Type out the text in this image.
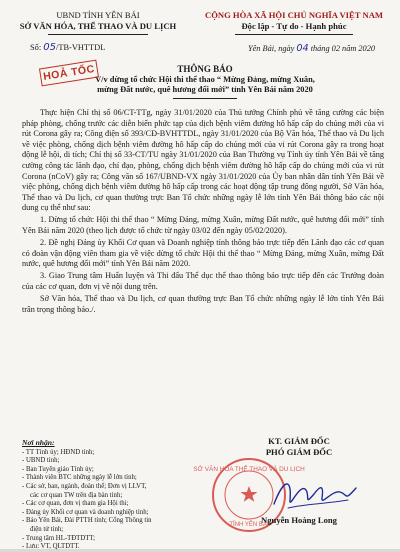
UBND TỈNH YÊN BÁI
SỞ VĂN HÓA, THỂ THAO VÀ DU LỊCH
CỘNG HÒA XÃ HỘI CHỦ NGHĨA VIỆT NAM
Độc lập - Tự do - Hạnh phúc
Số: 05/TB-VHTTDL	Yên Bái, ngày 04 tháng 02 năm 2020
THÔNG BÁO
V/v dừng tổ chức Hội thi thể thao “ Mừng Đảng, mừng Xuân,
mừng Đất nước, quê hương đổi mới” tỉnh Yên Bái năm 2020
HOẢ TỐC

Thực hiện Chỉ thị số 06/CT-TTg, ngày 31/01/2020 của Thủ tướng Chính phủ về tăng cường các biện pháp phòng, chống trước các diễn biến phức tạp của dịch bệnh viêm đường hô hấp cấp do chủng mới của vi rút Corona gây ra; Công điện số 393/CĐ-BVHTTDL, ngày 31/01/2020 của Bộ Văn hóa, Thể thao và Du lịch về việc phòng, chống dịch bệnh viêm đường hô hấp cấp do chủng mới của vi rút Corona gây ra trong hoạt động lễ hội, di tích; Chỉ thị số 33-CT/TU ngày 31/01/2020 của Ban Thường vụ Tỉnh ủy tỉnh Yên Bái về tăng cường công tác lãnh đạo, chỉ đạo, phòng, chống dịch bệnh viêm đường hô hấp cấp do chủng mới của vi rút Corona (nCoV) gây ra; Công văn số 167/UBND-VX ngày 31/01/2020 của Ủy ban nhân dân tỉnh Yên Bái về việc phòng, chống dịch bệnh viêm đường hô hấp cấp trong các hoạt động tập trung đông người, Sở Văn hóa, Thể thao và Du lịch, cơ quan thường trực Ban Tổ chức những ngày lễ lớn tỉnh Yên Bái thông báo các nội dung cụ thể như sau:

1. Dừng tổ chức Hội thi thể thao “ Mừng Đảng, mừng Xuân, mừng Đất nước, quê hương đổi mới” tỉnh Yên Bái năm 2020 (theo lịch được tổ chức từ ngày 03/02 đến ngày 05/02/2020).

2. Đề nghị Đảng ủy Khối Cơ quan và Doanh nghiệp tỉnh thông báo trực tiếp đến Lãnh đạo các cơ quan có đoàn vận động viên tham gia về việc dừng tổ chức Hội thi thể thao “ Mừng Đảng, mừng Xuân, mừng Đất nước, quê hương đổi mới” tỉnh Yên Bái năm 2020.

3. Giao Trung tâm Huấn luyện và Thi đấu Thể dục thể thao thông báo trực tiếp đến các Trưởng đoàn của các cơ quan, đơn vị về nội dung trên.

Sở Văn hóa, Thể thao và Du lịch, cơ quan thường trực Ban Tổ chức những ngày lễ lớn tỉnh Yên Bái trân trọng thông báo./.

Nơi nhận:
- TT Tỉnh ủy; HĐND tỉnh;
- UBND tỉnh;
- Ban Tuyên giáo Tỉnh ủy;
- Thành viên BTC những ngày lễ lớn tỉnh;
- Các sở, ban, ngành, đoàn thể; Đơn vị LLVT,
các cơ quan TW trên địa bàn tỉnh;
- Các cơ quan, đơn vị tham gia Hội thi;
- Đảng ủy Khối cơ quan và doanh nghiệp tỉnh;
- Báo Yên Bái, Đài PTTH tỉnh; Cổng Thông tin
điện tử tỉnh;
- Trung tâm HL-TĐTDTT;
- Lưu: VT, QLTDTT.
SỞ VĂN HÓA THỂ THAO VÀ DU LỊCH
TỈNH YÊN BÁI
KT. GIÁM ĐỐC
PHÓ GIÁM ĐỐC
Nguyễn Hoàng Long
